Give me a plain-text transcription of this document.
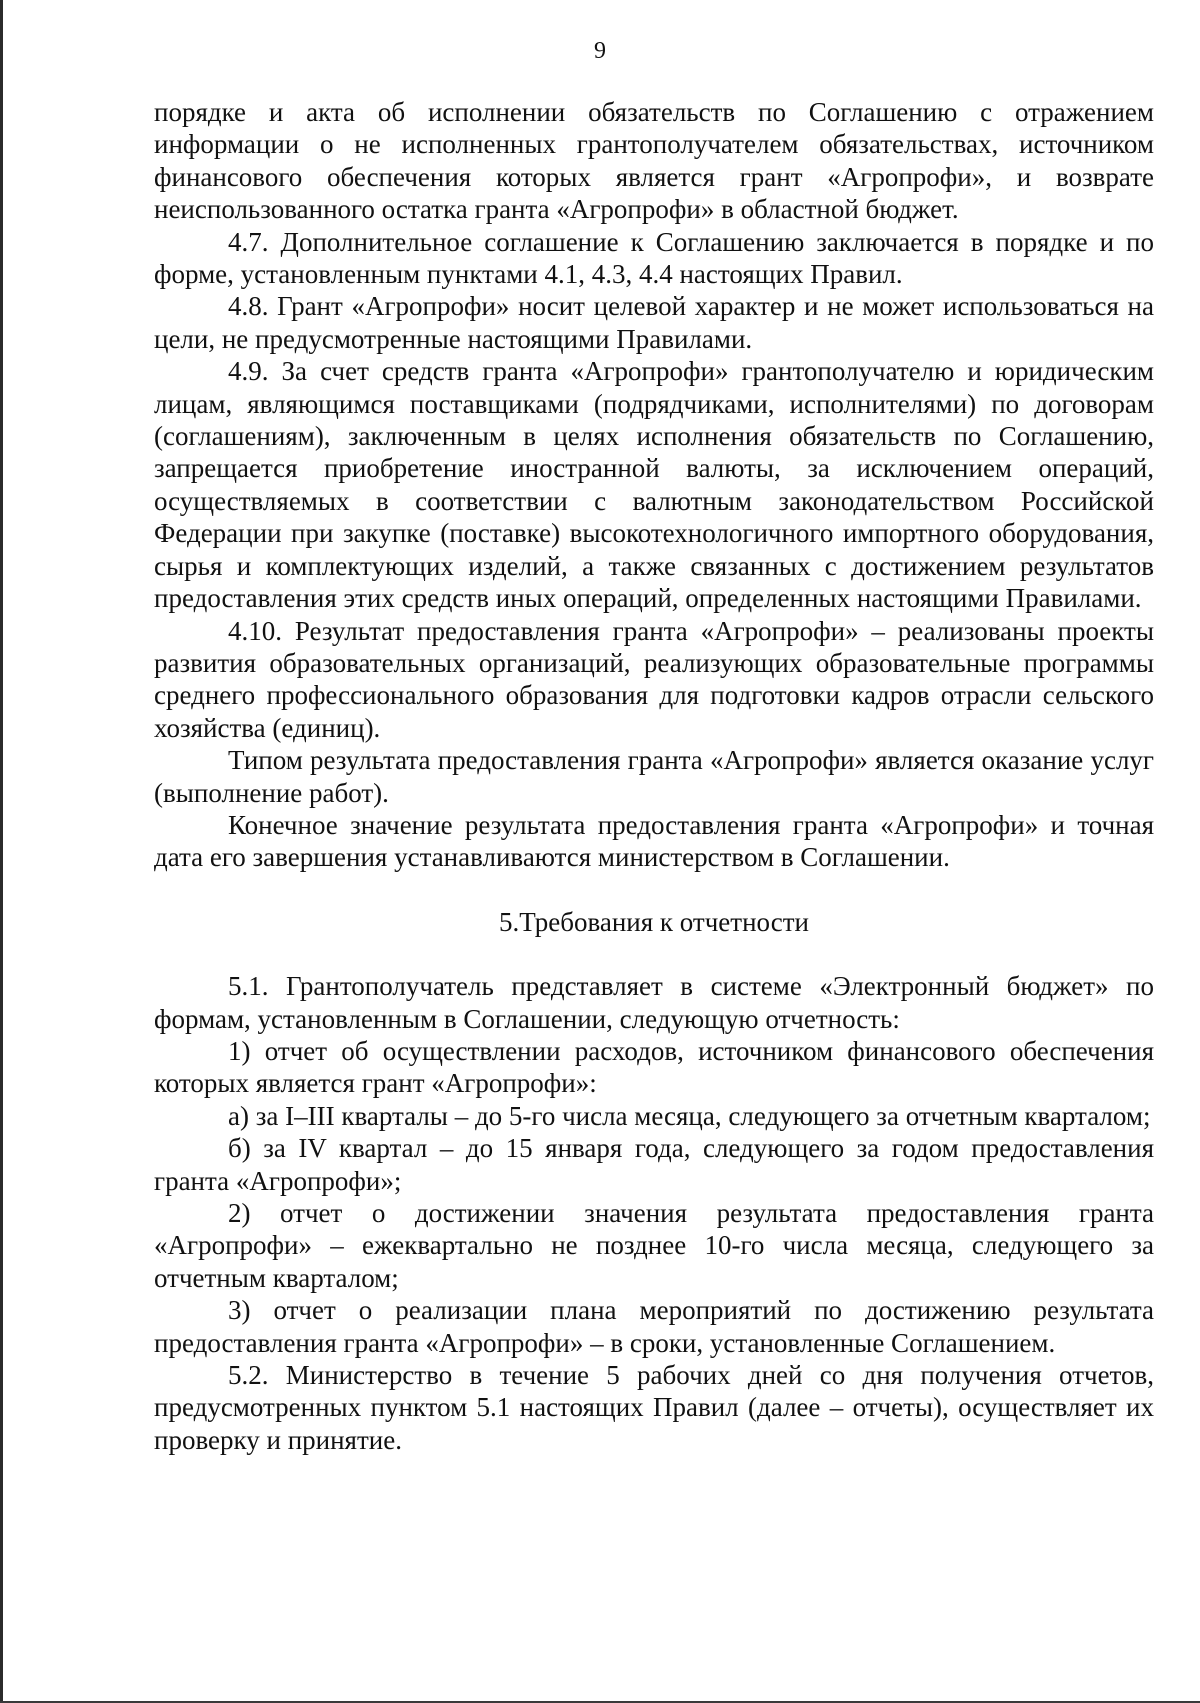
9

порядке и акта об исполнении обязательств по Соглашению с отражением информации о не исполненных грантополучателем обязательствах, источником финансового обеспечения которых является грант «Агропрофи», и возврате неиспользованного остатка гранта «Агропрофи» в областной бюджет.

4.7. Дополнительное соглашение к Соглашению заключается в порядке и по форме, установленным пунктами 4.1, 4.3, 4.4 настоящих Правил.

4.8. Грант «Агропрофи» носит целевой характер и не может использоваться на цели, не предусмотренные настоящими Правилами.

4.9. За счет средств гранта «Агропрофи» грантополучателю и юридическим лицам, являющимся поставщиками (подрядчиками, исполнителями) по договорам (соглашениям), заключенным в целях исполнения обязательств по Соглашению, запрещается приобретение иностранной валюты, за исключением операций, осуществляемых в соответствии с валютным законодательством Российской Федерации при закупке (поставке) высокотехнологичного импортного оборудования, сырья и комплектующих изделий, а также связанных с достижением результатов предоставления этих средств иных операций, определенных настоящими Правилами.

4.10. Результат предоставления гранта «Агропрофи» – реализованы проекты развития образовательных организаций, реализующих образовательные программы среднего профессионального образования для подготовки кадров отрасли сельского хозяйства (единиц).

Типом результата предоставления гранта «Агропрофи» является оказание услуг (выполнение работ).

Конечное значение результата предоставления гранта «Агропрофи» и точная дата его завершения устанавливаются министерством в Соглашении.

5.Требования к отчетности

5.1. Грантополучатель представляет в системе «Электронный бюджет» по формам, установленным в Соглашении, следующую отчетность:

1) отчет об осуществлении расходов, источником финансового обеспечения которых является грант «Агропрофи»:

а) за I–III кварталы – до 5-го числа месяца, следующего за отчетным кварталом;

б) за IV квартал – до 15 января года, следующего за годом предоставления гранта «Агропрофи»;

2) отчет о достижении значения результата предоставления гранта «Агропрофи» – ежеквартально не позднее 10-го числа месяца, следующего за отчетным кварталом;

3) отчет о реализации плана мероприятий по достижению результата предоставления гранта «Агропрофи» – в сроки, установленные Соглашением.

5.2. Министерство в течение 5 рабочих дней со дня получения отчетов, предусмотренных пунктом 5.1 настоящих Правил (далее – отчеты), осуществляет их проверку и принятие.
